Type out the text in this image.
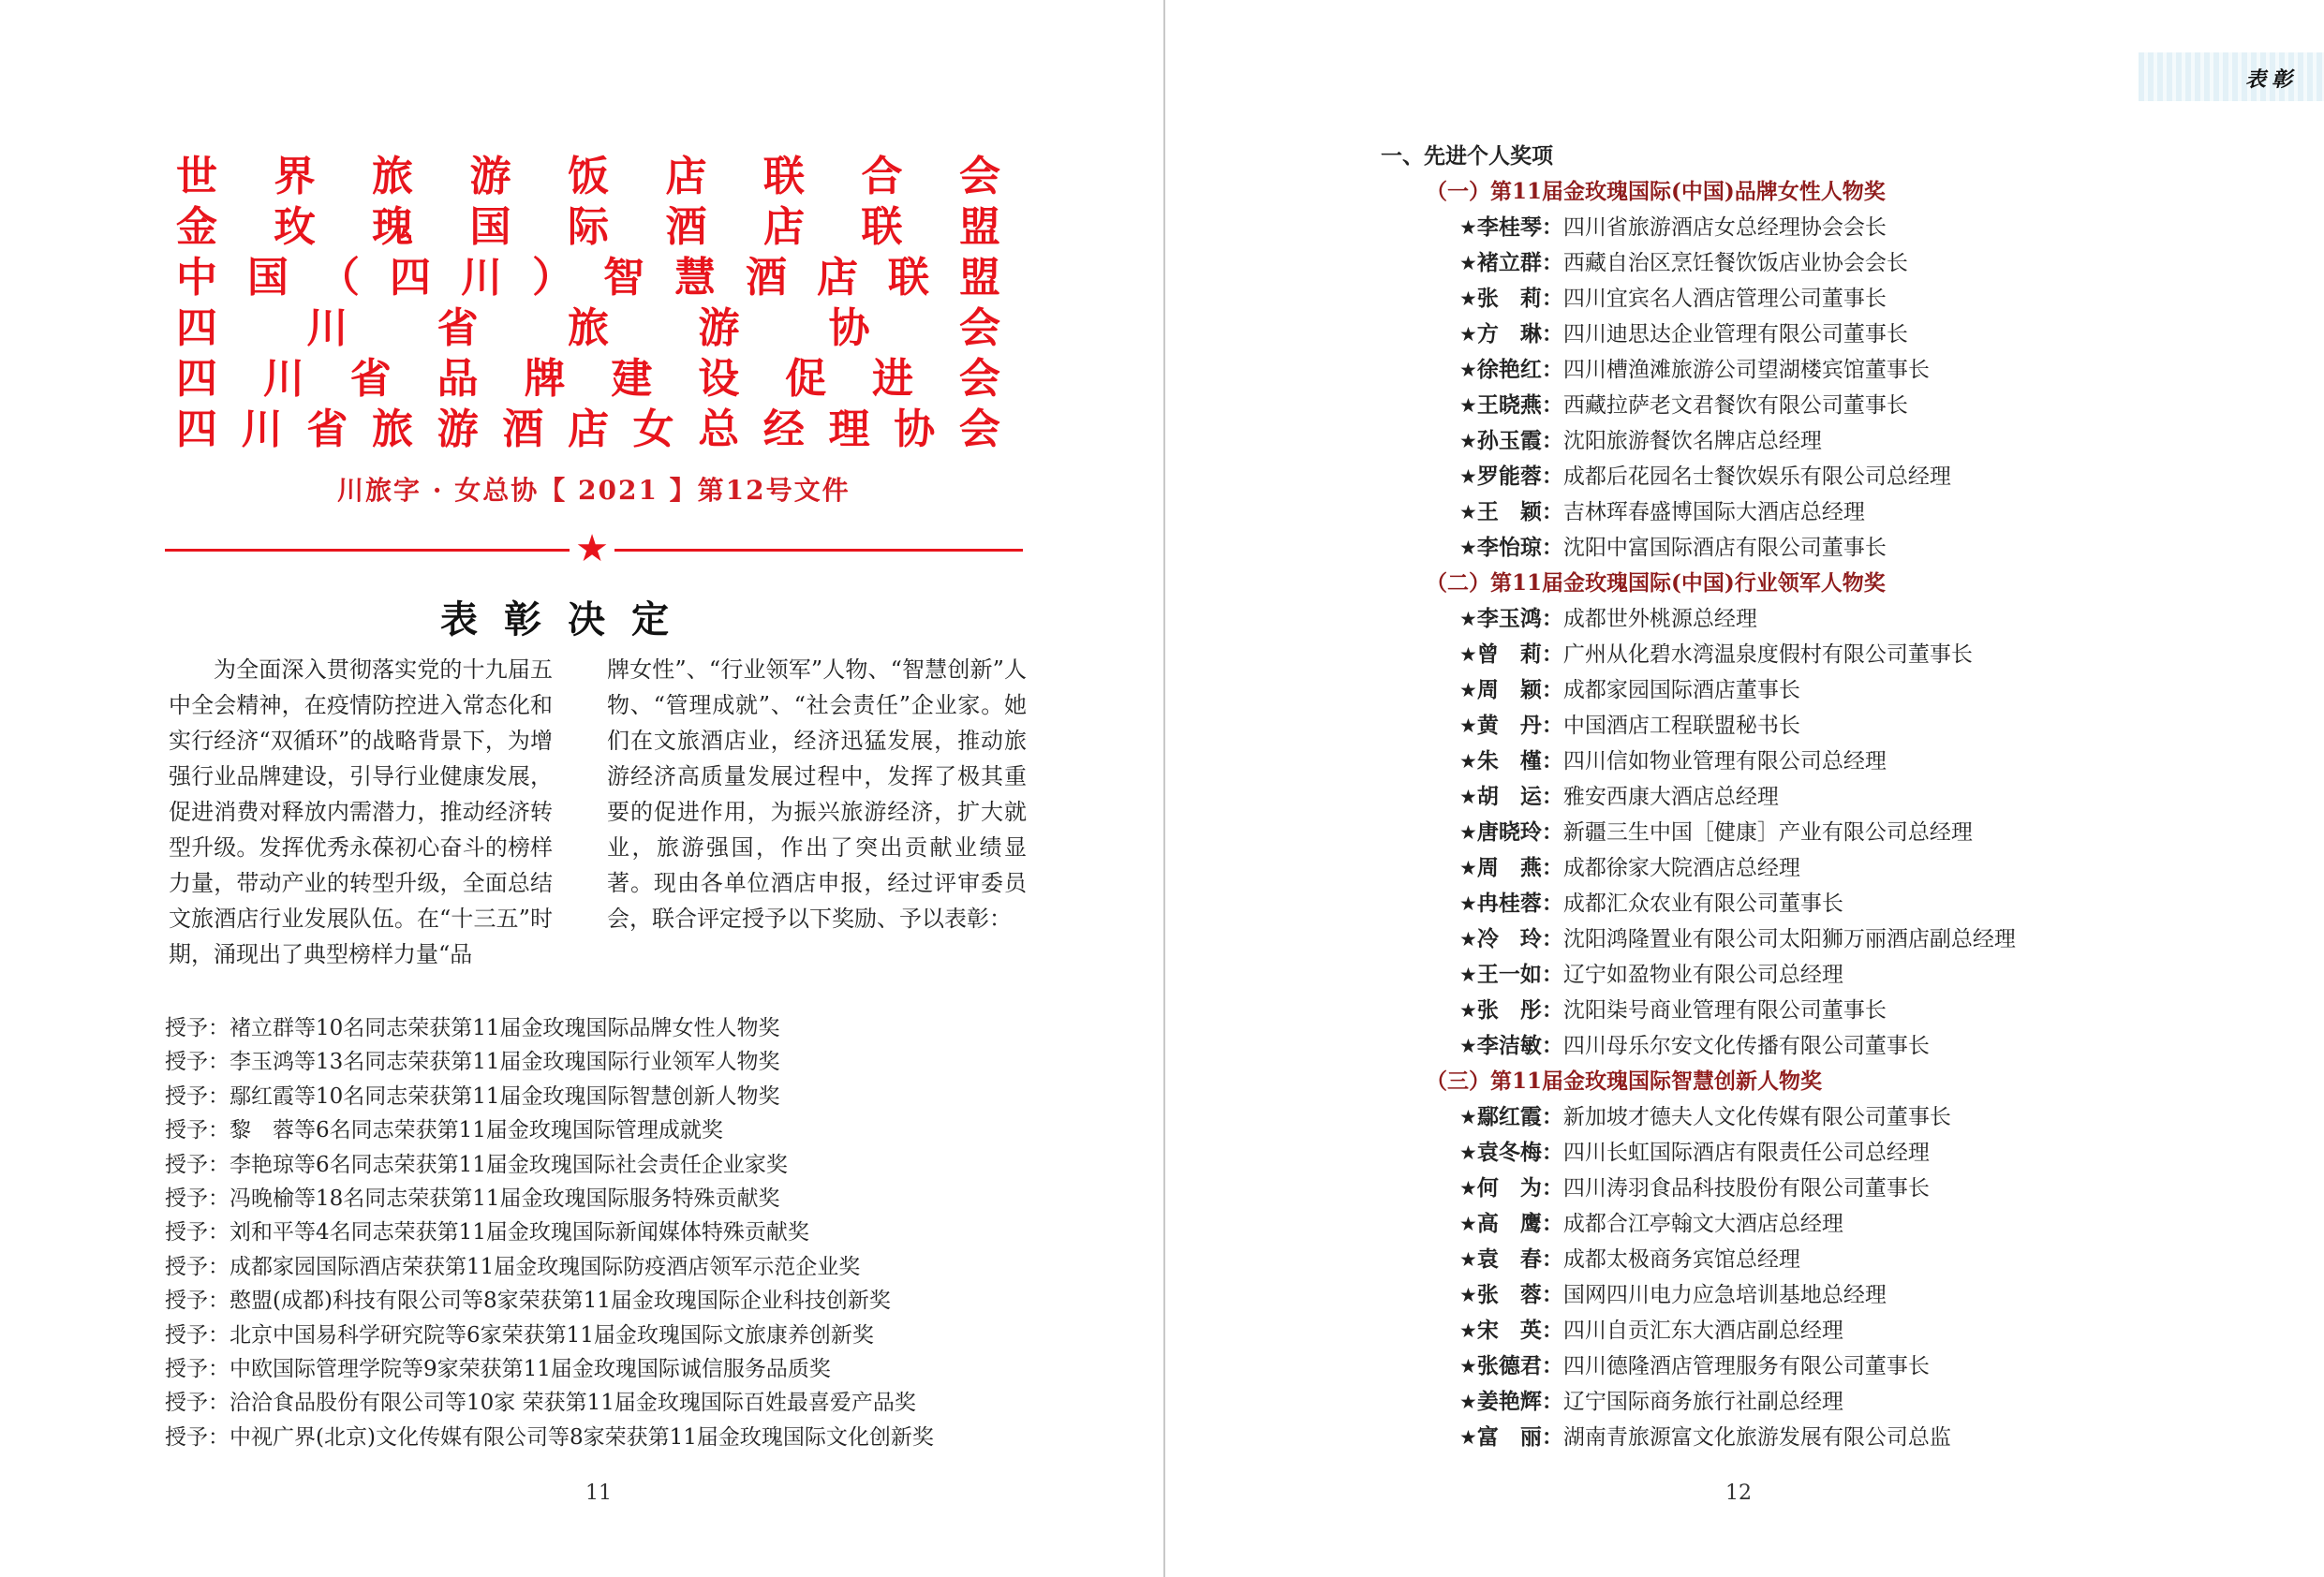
世 界 旅 游 饭 店 联 合 会
金 玫 瑰 国 际 酒 店 联 盟
中 国 （ 四 川 ） 智 慧 酒 店 联 盟
四 川 省 旅 游 协 会
四 川 省 品 牌 建 设 促 进 会
四 川 省 旅 游 酒 店 女 总 经 理 协 会
川旅字 · 女总协【 2021 】第12号文件
★
表彰决定
为全面深入贯彻落实党的十九届五中全会精神，在疫情防控进入常态化和实行经济“双循环”的战略背景下，为增强行业品牌建设，引导行业健康发展，促进消费对释放内需潜力，推动经济转型升级。发挥优秀永葆初心奋斗的榜样力量，带动产业的转型升级，全面总结文旅酒店行业发展队伍。在“十三五”时期，涌现出了典型榜样力量“品
牌女性”、“行业领军”人物、“智慧创新”人物、“管理成就”、“社会责任”企业家。她们在文旅酒店业，经济迅猛发展，推动旅游经济高质量发展过程中，发挥了极其重要的促进作用，为振兴旅游经济，扩大就业，旅游强国，作出了突出贡献业绩显著。现由各单位酒店申报，经过评审委员会，联合评定授予以下奖励、予以表彰：
授予：褚立群等10名同志荣获第11届金玫瑰国际品牌女性人物奖
授予：李玉鸿等13名同志荣获第11届金玫瑰国际行业领军人物奖
授予：鄢红霞等10名同志荣获第11届金玫瑰国际智慧创新人物奖
授予：黎　蓉等6名同志荣获第11届金玫瑰国际管理成就奖
授予：李艳琼等6名同志荣获第11届金玫瑰国际社会责任企业家奖
授予：冯晚榆等18名同志荣获第11届金玫瑰国际服务特殊贡献奖
授予：刘和平等4名同志荣获第11届金玫瑰国际新闻媒体特殊贡献奖
授予：成都家园国际酒店荣获第11届金玫瑰国际防疫酒店领军示范企业奖
授予：憨盟(成都)科技有限公司等8家荣获第11届金玫瑰国际企业科技创新奖
授予：北京中国易科学研究院等6家荣获第11届金玫瑰国际文旅康养创新奖
授予：中欧国际管理学院等9家荣获第11届金玫瑰国际诚信服务品质奖
授予：洽洽食品股份有限公司等10家 荣获第11届金玫瑰国际百姓最喜爱产品奖
授予：中视广界(北京)文化传媒有限公司等8家荣获第11届金玫瑰国际文化创新奖
11
表彰
一、先进个人奖项
（一）第11届金玫瑰国际(中国)品牌女性人物奖
★李桂琴：四川省旅游酒店女总经理协会会长
★褚立群：西藏自治区烹饪餐饮饭店业协会会长
★张　莉：四川宜宾名人酒店管理公司董事长
★方　琳：四川迪思达企业管理有限公司董事长
★徐艳红：四川槽渔滩旅游公司望湖楼宾馆董事长
★王晓燕：西藏拉萨老文君餐饮有限公司董事长
★孙玉霞：沈阳旅游餐饮名牌店总经理
★罗能蓉：成都后花园名士餐饮娱乐有限公司总经理
★王　颖：吉林珲春盛博国际大酒店总经理
★李怡琼：沈阳中富国际酒店有限公司董事长
（二）第11届金玫瑰国际(中国)行业领军人物奖
★李玉鸿：成都世外桃源总经理
★曾　莉：广州从化碧水湾温泉度假村有限公司董事长
★周　颖：成都家园国际酒店董事长
★黄　丹：中国酒店工程联盟秘书长
★朱　槿：四川信如物业管理有限公司总经理
★胡　运：雅安西康大酒店总经理
★唐晓玲：新疆三生中国［健康］产业有限公司总经理
★周　燕：成都徐家大院酒店总经理
★冉桂蓉：成都汇众农业有限公司董事长
★冷　玲：沈阳鸿隆置业有限公司太阳狮万丽酒店副总经理
★王一如：辽宁如盈物业有限公司总经理
★张　彤：沈阳柒号商业管理有限公司董事长
★李洁敏：四川母乐尔安文化传播有限公司董事长
（三）第11届金玫瑰国际智慧创新人物奖
★鄢红霞：新加坡才德夫人文化传媒有限公司董事长
★袁冬梅：四川长虹国际酒店有限责任公司总经理
★何　为：四川涛羽食品科技股份有限公司董事长
★高　鹰：成都合江亭翰文大酒店总经理
★袁　春：成都太极商务宾馆总经理
★张　蓉：国网四川电力应急培训基地总经理
★宋　英：四川自贡汇东大酒店副总经理
★张德君：四川德隆酒店管理服务有限公司董事长
★姜艳辉：辽宁国际商务旅行社副总经理
★富　丽：湖南青旅源富文化旅游发展有限公司总监
12
